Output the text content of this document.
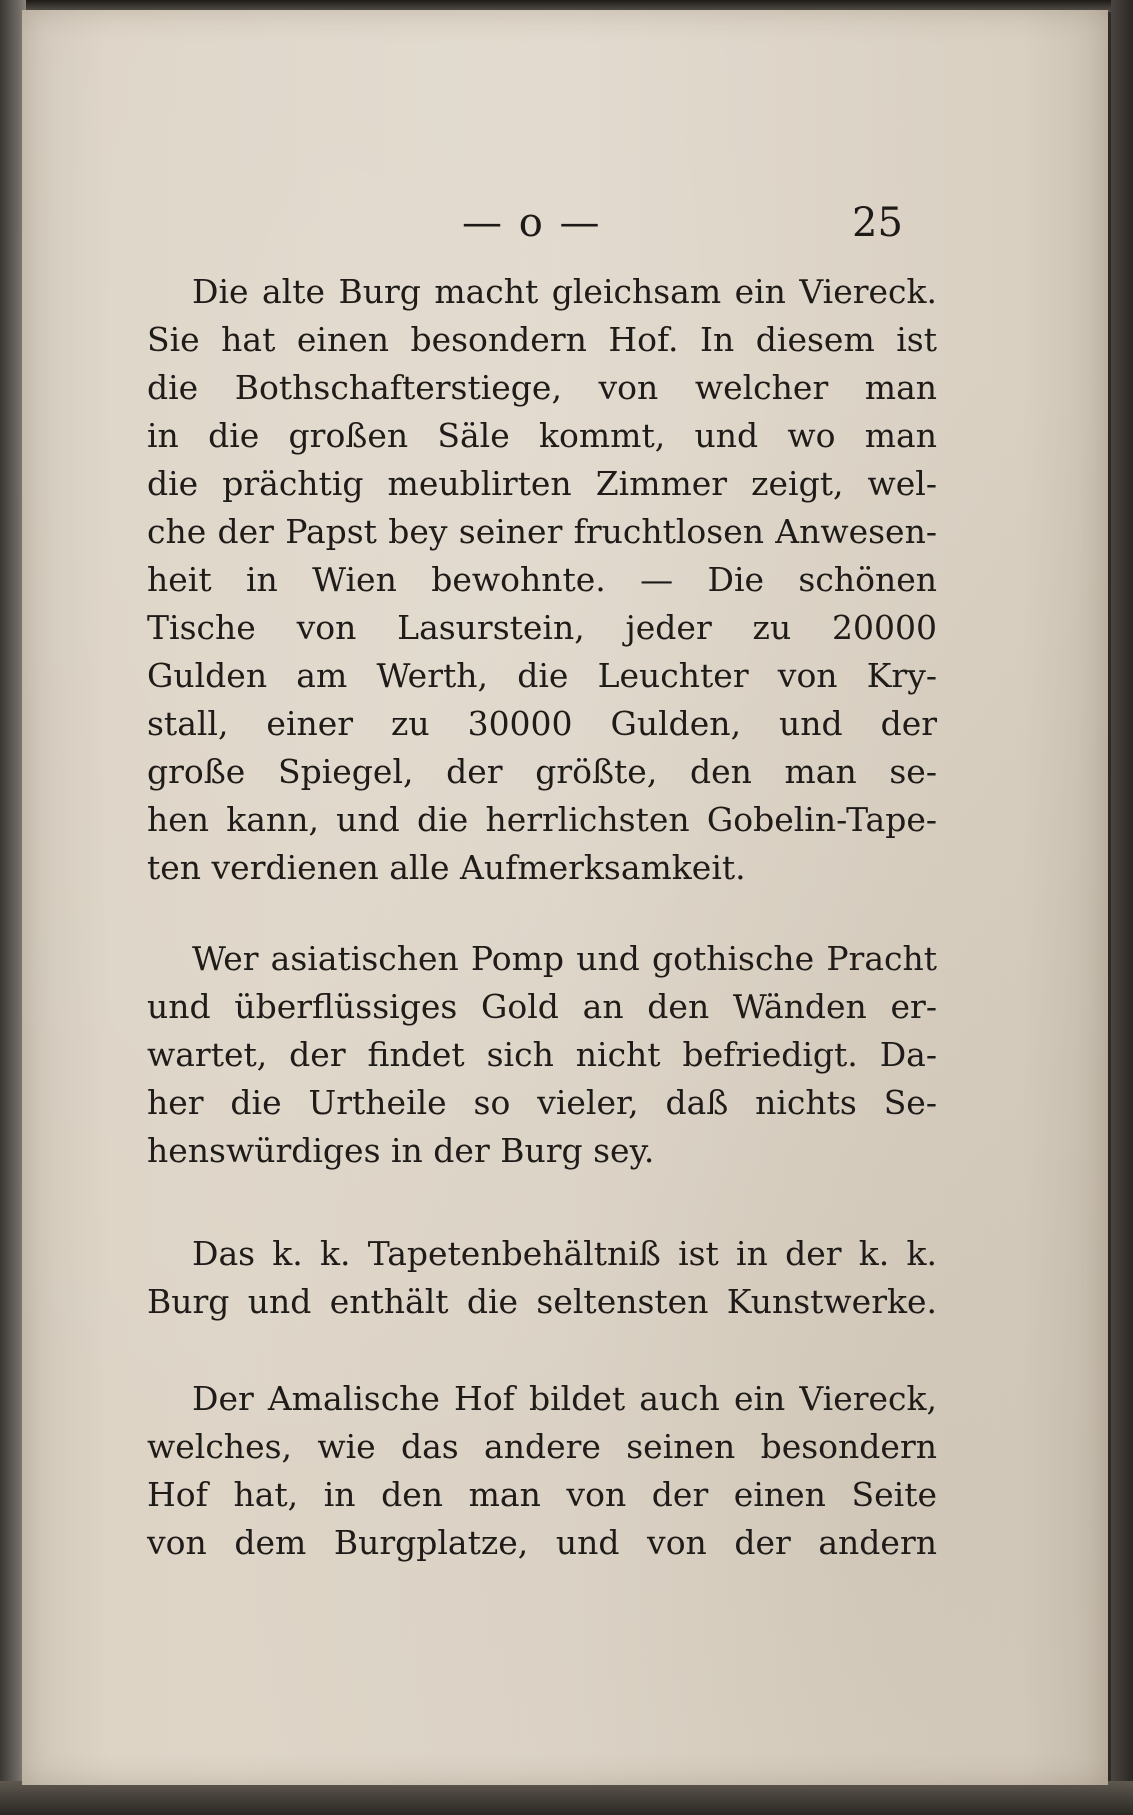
— o —	25
Die alte Burg macht gleichsam ein Viereck.
Sie hat einen besondern Hof. In diesem ist
die Bothschafterstiege, von welcher man
in die großen Säle kommt, und wo man
die prächtig meublirten Zimmer zeigt, wel-
che der Papst bey seiner fruchtlosen Anwesen-
heit in Wien bewohnte. — Die schönen
Tische von Lasurstein, jeder zu 20000
Gulden am Werth, die Leuchter von Kry-
stall, einer zu 30000 Gulden, und der
große Spiegel, der größte, den man se-
hen kann, und die herrlichsten Gobelin-Tape-
ten verdienen alle Aufmerksamkeit.
Wer asiatischen Pomp und gothische Pracht
und überflüssiges Gold an den Wänden er-
wartet, der findet sich nicht befriedigt. Da-
her die Urtheile so vieler, daß nichts Se-
henswürdiges in der Burg sey.
Das k. k. Tapetenbehältniß ist in der k. k.
Burg und enthält die seltensten Kunstwerke.
Der Amalische Hof bildet auch ein Viereck,
welches, wie das andere seinen besondern
Hof hat, in den man von der einen Seite
von dem Burgplatze, und von der andern
